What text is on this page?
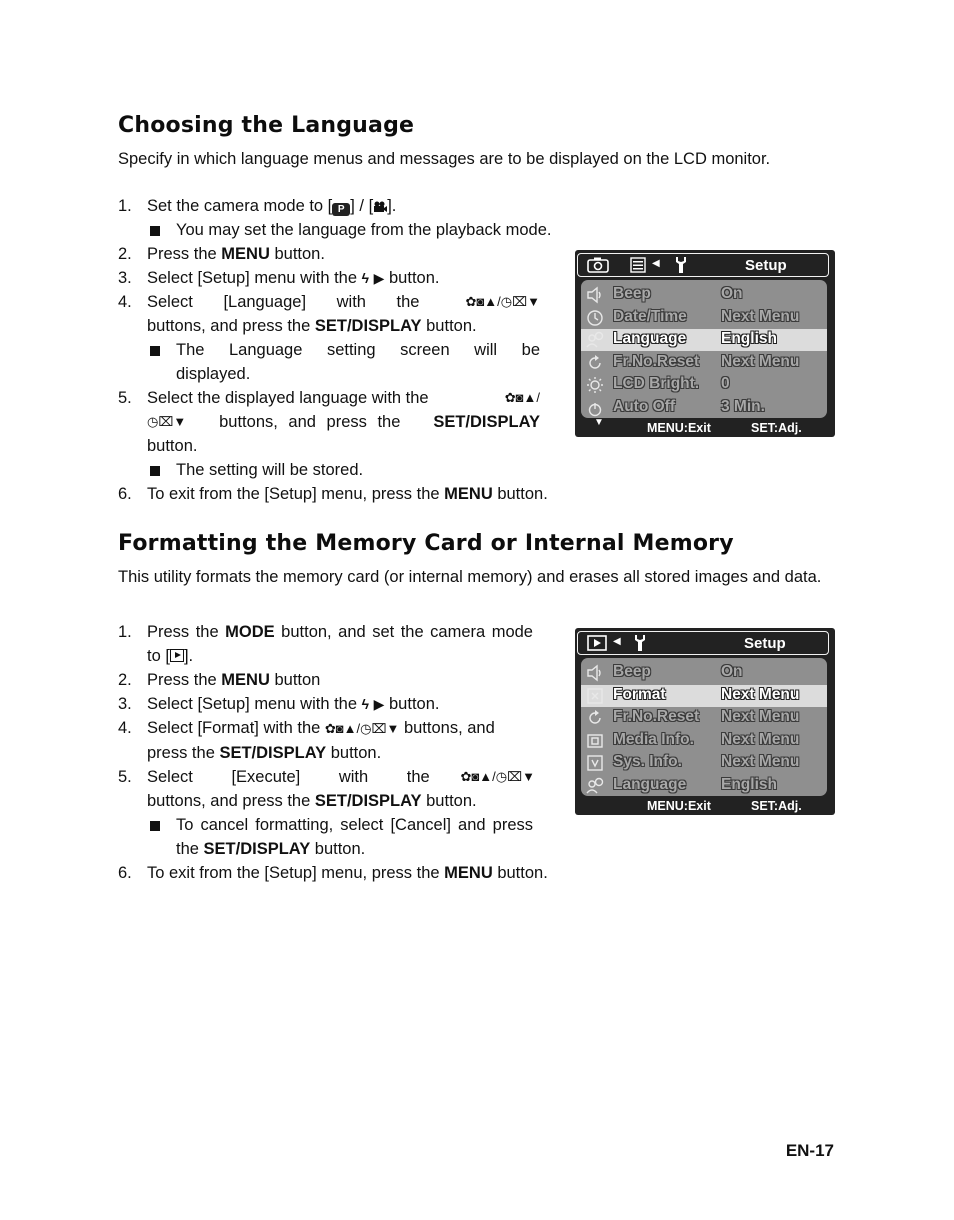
Choosing the Language

Specify in which language menus and messages are to be displayed on the LCD monitor.

1. Set the camera mode to [ P ] / [ ].
You may set the language from the playback mode.
2. Press the MENU button.
3. Select [Setup] menu with the ϟ ▶ button.
4. Select [Language] with the	✿◙▲/◷⌧▼
buttons, and press the SET/DISPLAY button.
The Language setting screen will be displayed.
5. Select the displayed language with the	✿◙▲/
◷⌧▼ buttons, and press the SET/DISPLAY
button.
The setting will be stored.
6. To exit from the [Setup] menu, press the MENU button.
◀	Setup
Beep	On
Date/Time Next Menu
Language English
Fr.No.Reset Next Menu
LCD Bright. 0
Auto Off	3 Min.
▼	MENU:Exit	SET:Adj.
Formatting the Memory Card or Internal Memory

This utility formats the memory card (or internal memory) and erases all stored images and data.

1. Press the MODE button, and set the camera mode to [ ].
2. Press the MENU button
3. Select [Setup] menu with the ϟ ▶ button.
4. Select [Format] with the ✿◙▲/◷⌧▼ buttons, and press the SET/DISPLAY button.
5. Select [Execute] with the ✿◙▲/◷⌧▼
buttons, and press the SET/DISPLAY button.
To cancel formatting, select [Cancel] and press the SET/DISPLAY button.
6. To exit from the [Setup] menu, press the MENU button.
◀	Setup
Beep	On
Format	Next Menu
Fr.No.Reset Next Menu
Media Info. Next Menu
Sys. Info.	Next Menu
Language English
MENU:Exit	SET:Adj.
EN-17
